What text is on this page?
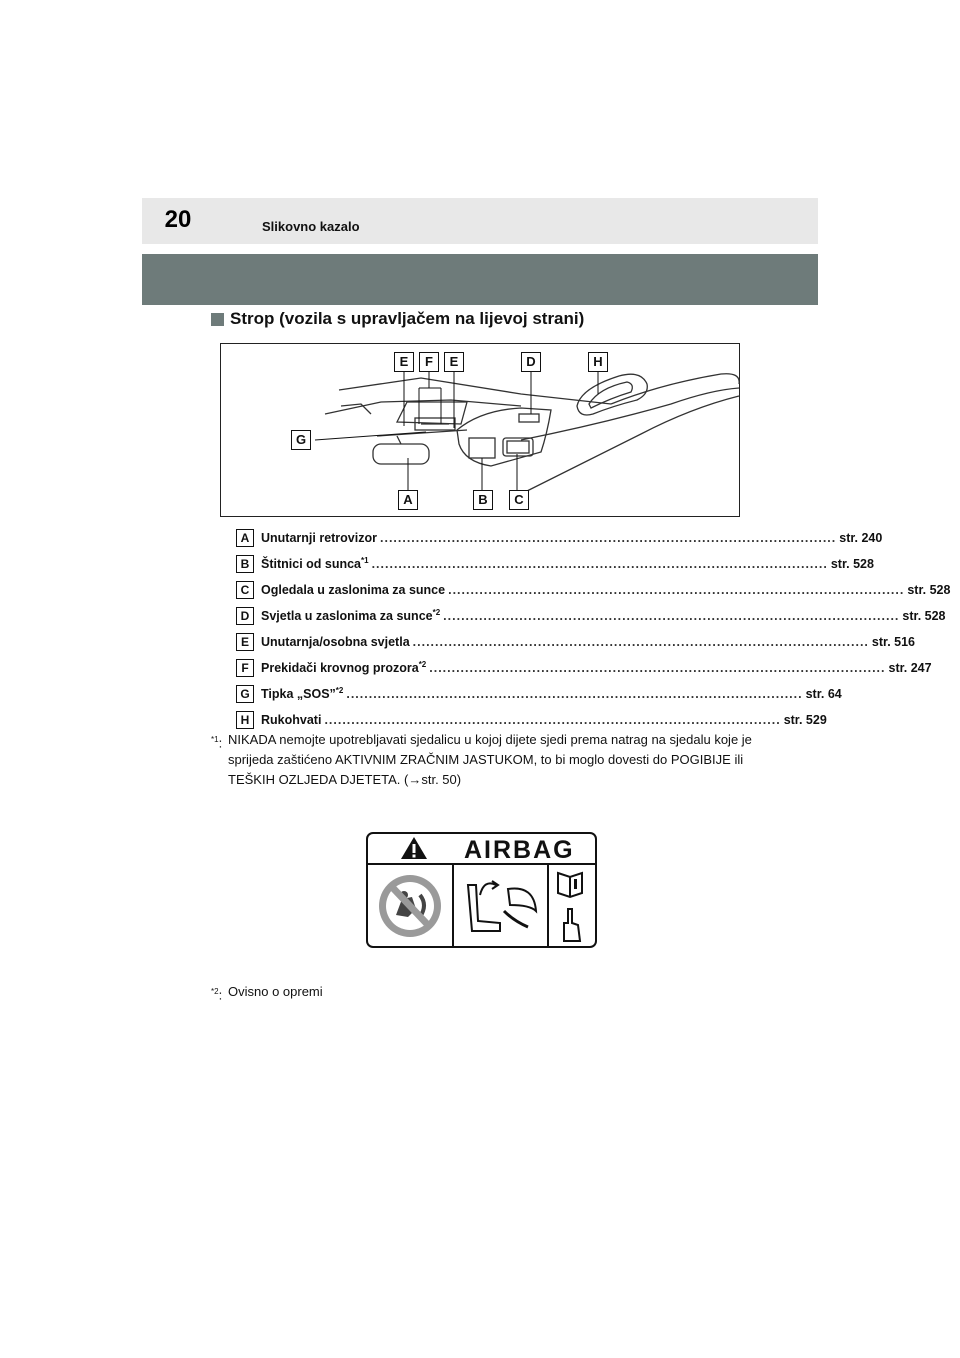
20	Slikovno kazalo
Strop (vozila s upravljačem na lijevoj strani)
E	F	E	D	H
G
A	B	C
A Unutarnji retrovizor ...................................................................................................... str. 240
B Štitnici od sunca$^{*1}$ ...................................................................................................... str. 528
C Ogledala u zaslonima za sunce ...................................................................................................... str. 528
D Svjetla u zaslonima za sunce$^{*2}$ ...................................................................................................... str. 528
E Unutarnja/osobna svjetla ...................................................................................................... str. 516
F Prekidači krovnog prozora$^{*2}$ ...................................................................................................... str. 247
G Tipka „SOS”$^{*2}$ ...................................................................................................... str. 64
H Rukohvati ...................................................................................................... str. 529
$^{*1}$: NIKADA nemojte upotrebljavati sjedalicu u kojoj dijete sjedi prema natrag na sjedalu koje je sprijeda zaštićeno AKTIVNIM ZRAČNIM JASTUKOM, to bi moglo dovesti do POGIBIJE ili TEŠKIH OZLJEDA DJETETA. (→str. 50)
AIRBAG
$^{*2}$: Ovisno o opremi
